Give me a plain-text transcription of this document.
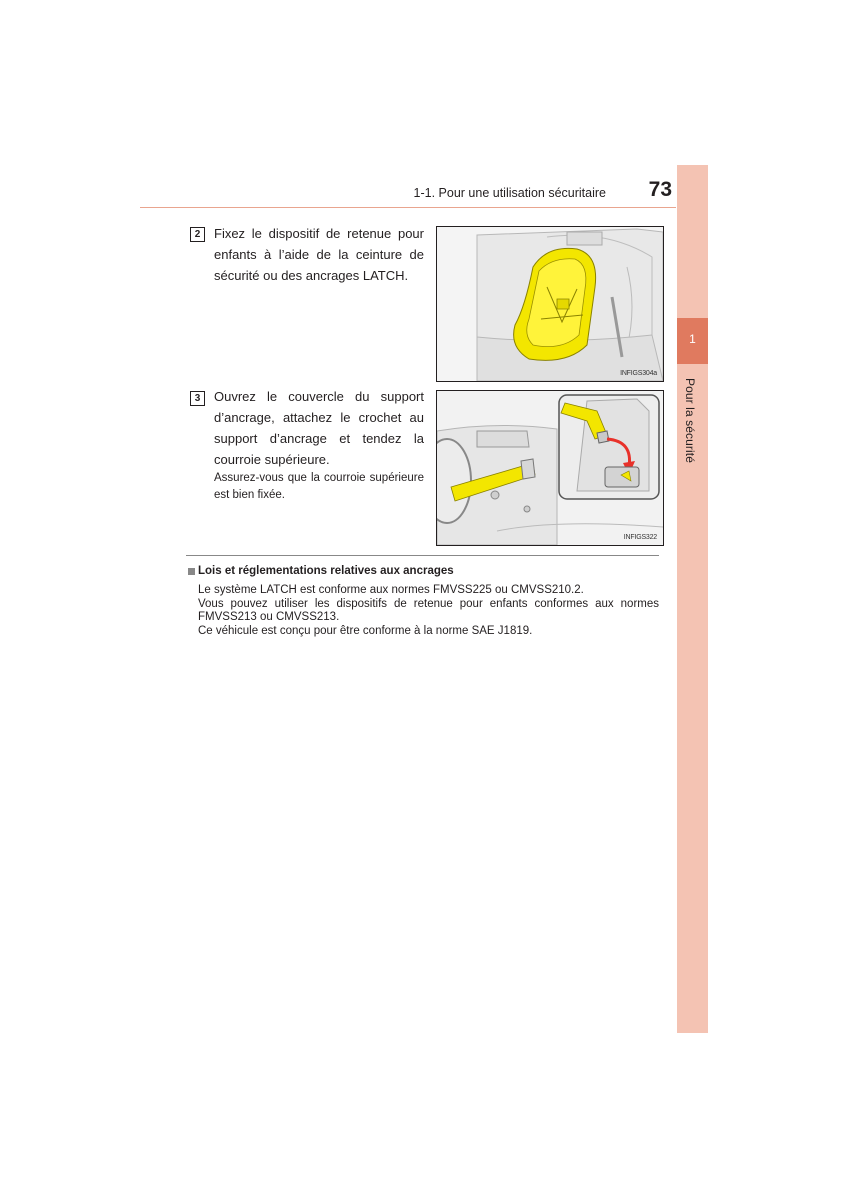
1
Pour la sécurité
1-1. Pour une utilisation sécuritaire	73
2	Fixez le dispositif de retenue pour enfants à l’aide de la ceinture de sécurité ou des ancrages LATCH.
INFIGS304a
3	Ouvrez le couvercle du support d’ancrage, attachez le crochet au support d’ancrage et tendez la courroie supérieure.
Assurez-vous que la courroie supérieure est bien fixée.
INFIGS322
Lois et réglementations relatives aux ancrages
Le système LATCH est conforme aux normes FMVSS225 ou CMVSS210.2.
Vous pouvez utiliser les dispositifs de retenue pour enfants conformes aux normes FMVSS213 ou CMVSS213.
Ce véhicule est conçu pour être conforme à la norme SAE J1819.
